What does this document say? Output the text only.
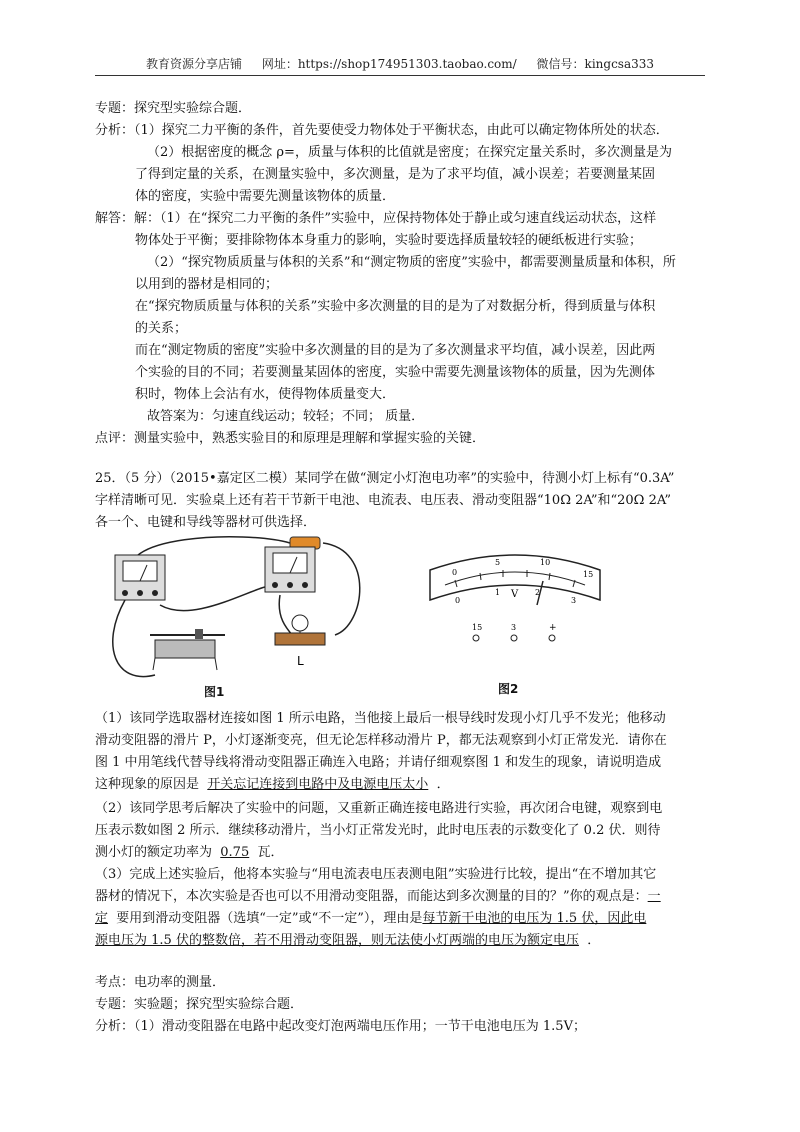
教育资源分享店铺 网址：https://shop174951303.taobao.com/ 微信号：kingcsa333
专题：探究型实验综合题．
分析：（1）探究二力平衡的条件，首先要使受力物体处于平衡状态，由此可以确定物体所处的状态．
（2）根据密度的概念 ρ=，质量与体积的比值就是密度；在探究定量关系时，多次测量是为
了得到定量的关系，在测量实验中，多次测量，是为了求平均值，减小误差；若要测量某固
体的密度，实验中需要先测量该物体的质量．
解答：解：（1）在“探究二力平衡的条件”实验中，应保持物体处于静止或匀速直线运动状态，这样
物体处于平衡；要排除物体本身重力的影响，实验时要选择质量较轻的硬纸板进行实验；
（2）“探究物质质量与体积的关系”和“测定物质的密度”实验中，都需要测量质量和体积，所
以用到的器材是相同的；
在“探究物质质量与体积的关系”实验中多次测量的目的是为了对数据分析，得到质量与体积
的关系；
而在“测定物质的密度”实验中多次测量的目的是为了多次测量求平均值，减小误差，因此两
个实验的目的不同；若要测量某固体的密度，实验中需要先测量该物体的质量，因为先测体
积时，物体上会沾有水，使得物体质量变大．
故答案为：匀速直线运动；较轻；不同； 质量．
点评：测量实验中，熟悉实验目的和原理是理解和掌握实验的关键．
25．（5 分）（2015•嘉定区二模）某同学在做“测定小灯泡电功率”的实验中，待测小灯上标有“0.3A”
字样清晰可见．实验桌上还有若干节新干电池、电流表、电压表、滑动变阻器“10Ω 2A”和“20Ω 2A”
各一个、电键和导线等器材可供选择．
L
图1
0
5	10
15
0
1	2
3
V
15	3	+
图2
（1）该同学选取器材连接如图 1 所示电路，当他接上最后一根导线时发现小灯几乎不发光；他移动
滑动变阻器的滑片 P，小灯逐渐变亮，但无论怎样移动滑片 P，都无法观察到小灯正常发光．请你在
图 1 中用笔线代替导线将滑动变阻器正确连入电路；并请仔细观察图 1 和发生的现象，请说明造成
这种现象的原因是 开关忘记连接到电路中及电源电压太小 ．
（2）该同学思考后解决了实验中的问题，又重新正确连接电路进行实验，再次闭合电键，观察到电
压表示数如图 2 所示．继续移动滑片，当小灯正常发光时，此时电压表的示数变化了 0.2 伏．则待
测小灯的额定功率为 0.75 瓦．
（3）完成上述实验后，他将本实验与“用电流表电压表测电阻”实验进行比较，提出“在不增加其它
器材的情况下，本次实验是否也可以不用滑动变阻器，而能达到多次测量的目的？”你的观点是：一
定 要用到滑动变阻器（选填“一定”或“不一定”），理由是每节新干电池的电压为 1.5 伏，因此电
源电压为 1.5 伏的整数倍，若不用滑动变阻器，则无法使小灯两端的电压为额定电压 ．
考点：电功率的测量．
专题：实验题；探究型实验综合题．
分析：（1）滑动变阻器在电路中起改变灯泡两端电压作用；一节干电池电压为 1.5V；
